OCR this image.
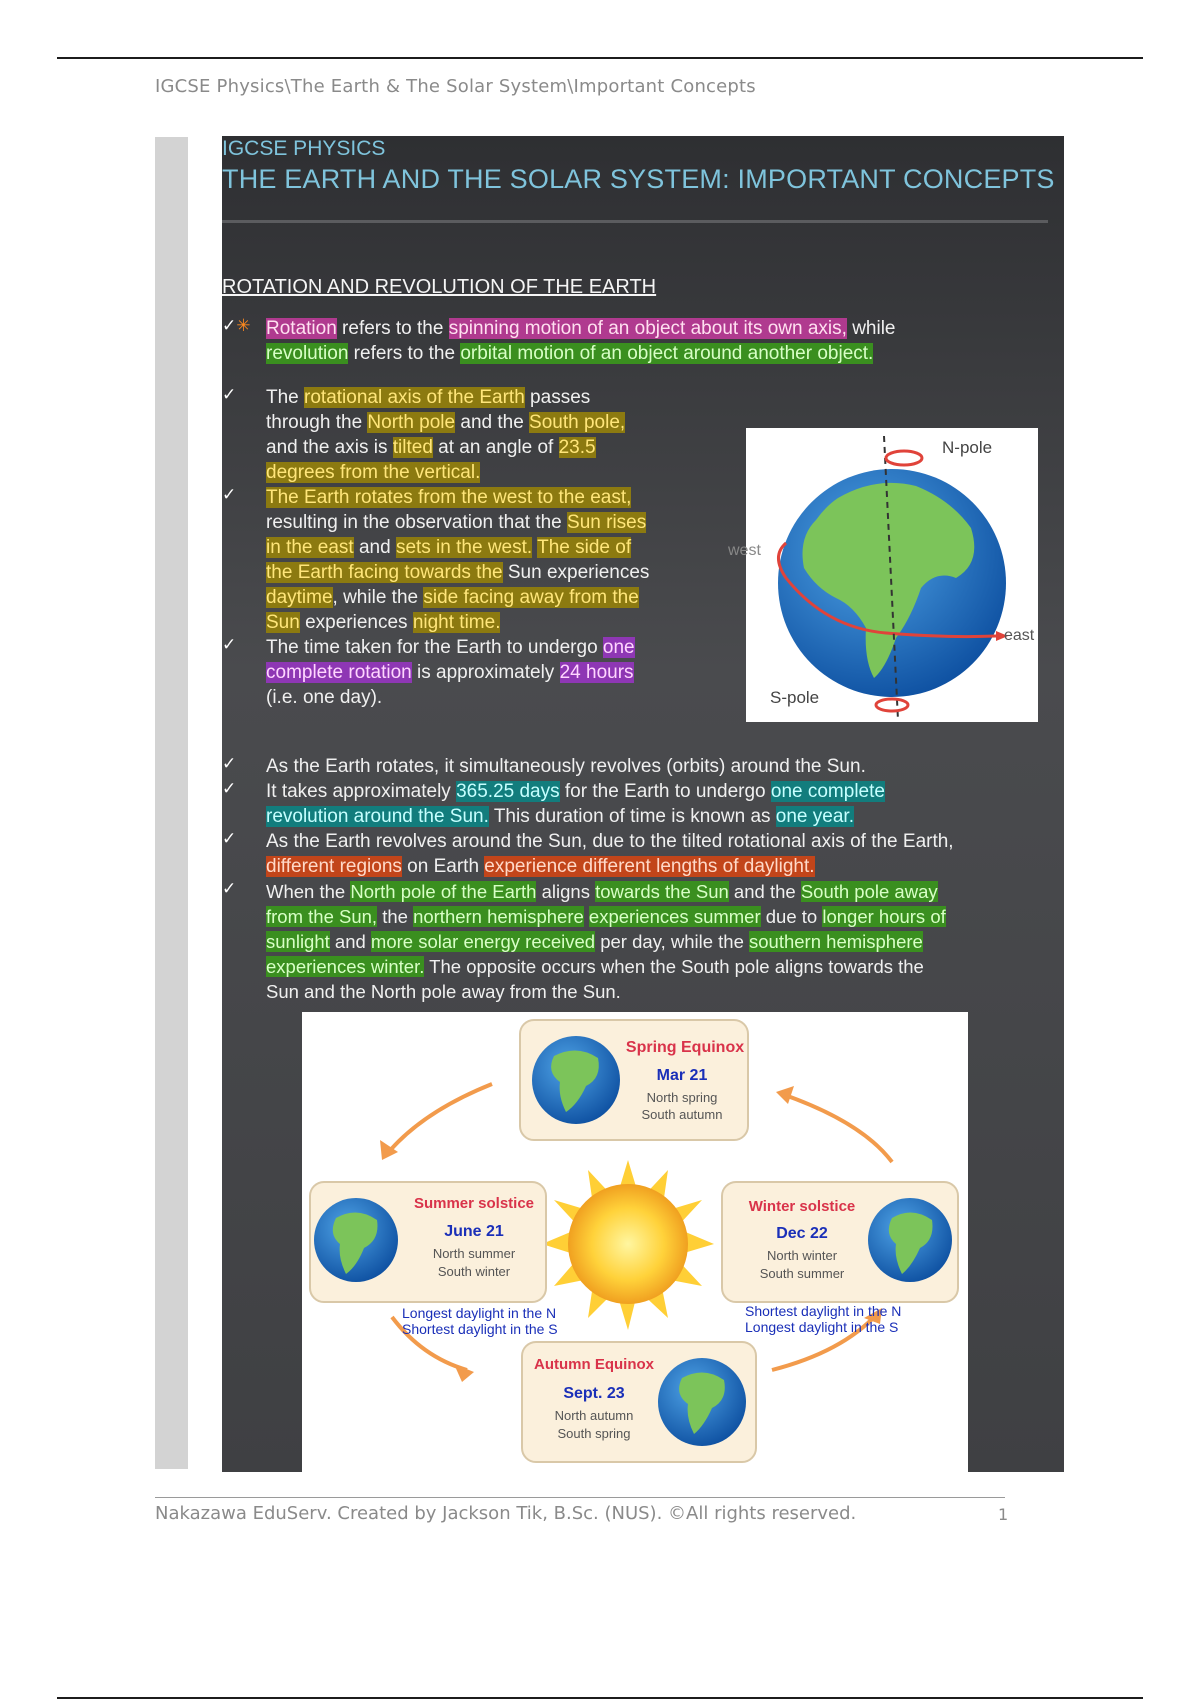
IGCSE Physics\The Earth & The Solar System\Important Concepts
IGCSE PHYSICS
THE EARTH AND THE SOLAR SYSTEM: IMPORTANT CONCEPTS
ROTATION AND REVOLUTION OF THE EARTH
✓✳ Rotation refers to the spinning motion of an object about its own axis, while
revolution refers to the orbital motion of an object around another object.
✓ The rotational axis of the Earth passes
through the North pole and the South pole,
and the axis is tilted at an angle of 23.5
degrees from the vertical.
✓ The Earth rotates from the west to the east,
resulting in the observation that the Sun rises
in the east and sets in the west. The side of
the Earth facing towards the Sun experiences
daytime, while the side facing away from the
Sun experiences night time.
✓ The time taken for the Earth to undergo one
complete rotation is approximately 24 hours
(i.e. one day).
N-pole
S-pole
west
east
✓ As the Earth rotates, it simultaneously revolves (orbits) around the Sun.
✓ It takes approximately 365.25 days for the Earth to undergo one complete
revolution around the Sun. This duration of time is known as one year.
✓ As the Earth revolves around the Sun, due to the tilted rotational axis of the Earth,
different regions on Earth experience different lengths of daylight.
✓ When the North pole of the Earth aligns towards the Sun and the South pole away
from the Sun, the northern hemisphere experiences summer due to longer hours of
sunlight and more solar energy received per day, while the southern hemisphere
experiences winter. The opposite occurs when the South pole aligns towards the
Sun and the North pole away from the Sun.
Spring Equinox
Mar 21
North spring
South autumn
Summer solstice
June 21
North summer
South winter
Longest daylight in the N
Shortest daylight in the S
Winter solstice
Dec 22
North winter
South summer
Shortest daylight in the N
Longest daylight in the S
Autumn Equinox
Sept. 23
North autumn
South spring
Nakazawa EduServ. Created by Jackson Tik, B.Sc. (NUS). ©All rights reserved.	1
